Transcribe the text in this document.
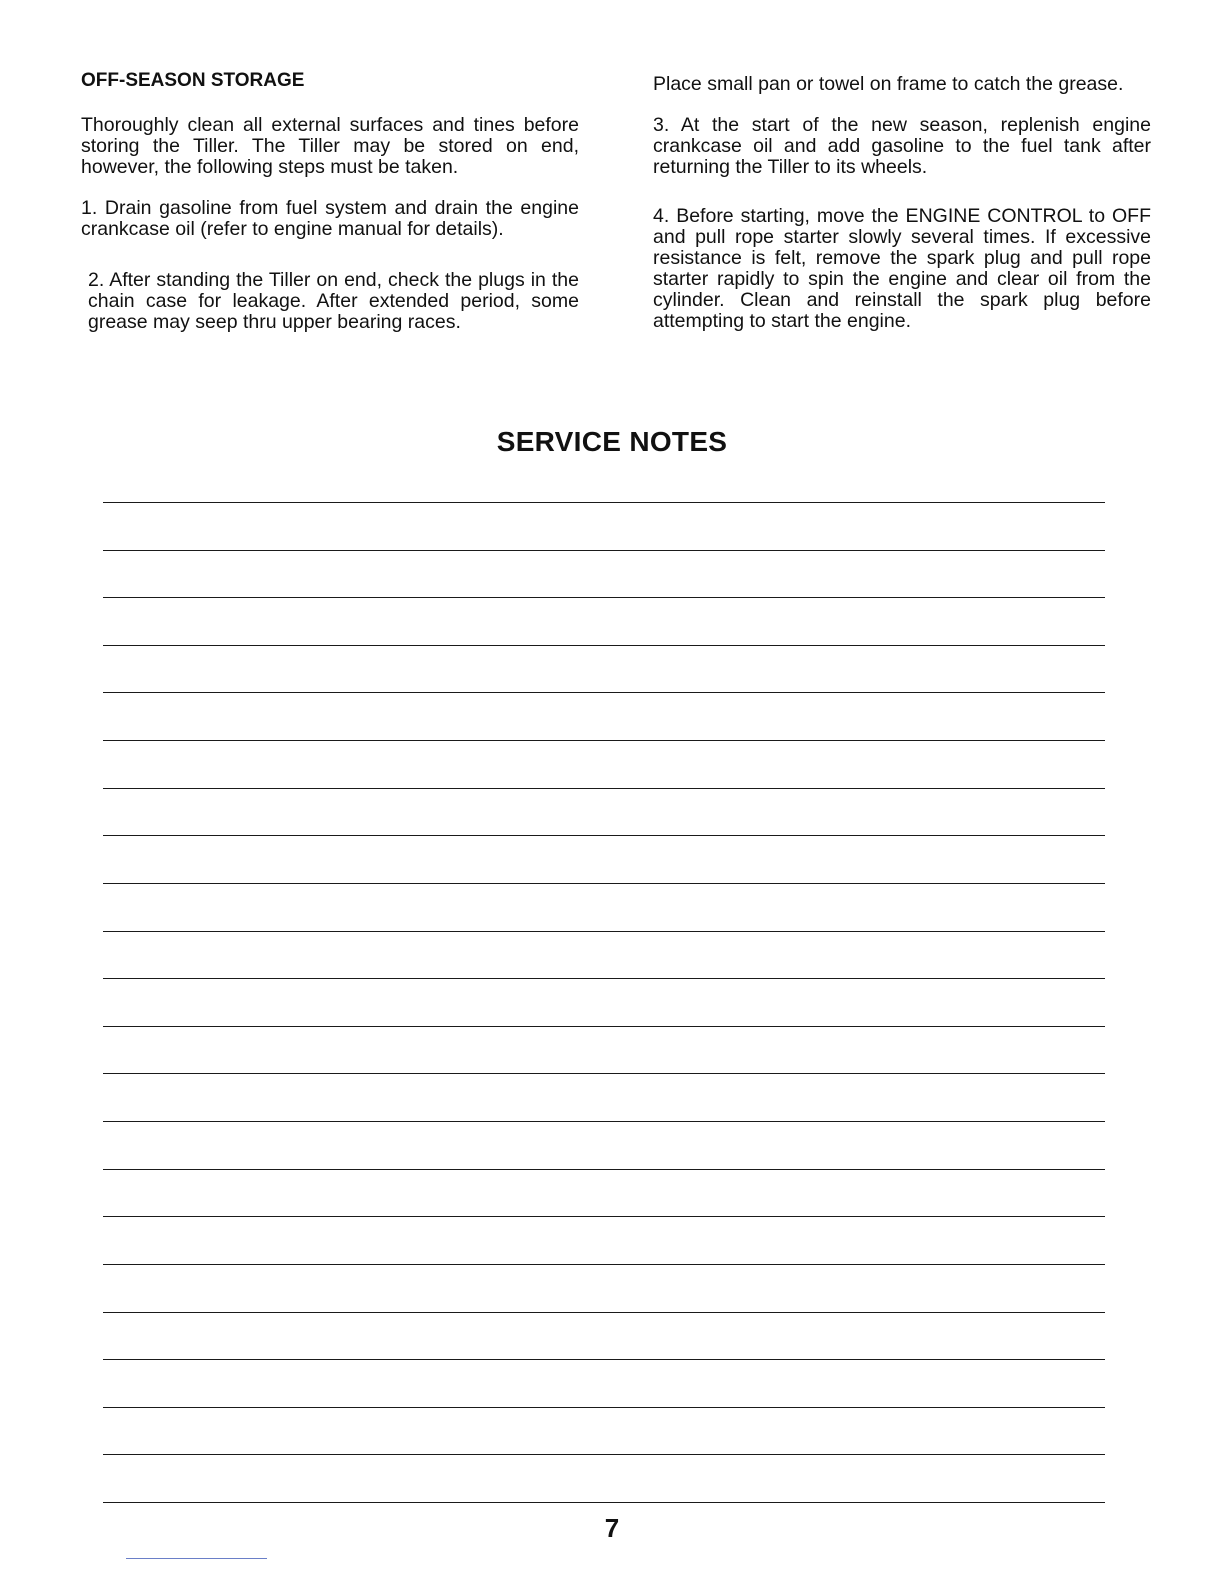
OFF-SEASON STORAGE

Thoroughly clean all external surfaces and tines before storing the Tiller. The Tiller may be stored on end, however, the following steps must be taken.

1. Drain gasoline from fuel system and drain the engine crankcase oil (refer to engine manual for details).

2. After standing the Tiller on end, check the plugs in the chain case for leakage. After extended period, some grease may seep thru upper bearing races.

Place small pan or towel on frame to catch the grease.

3. At the start of the new season, replenish engine crankcase oil and add gasoline to the fuel tank after returning the Tiller to its wheels.

4. Before starting, move the ENGINE CONTROL to OFF and pull rope starter slowly several times. If excessive resistance is felt, remove the spark plug and pull rope starter rapidly to spin the engine and clear oil from the cylinder. Clean and reinstall the spark plug before attempting to start the engine.

SERVICE NOTES
7
